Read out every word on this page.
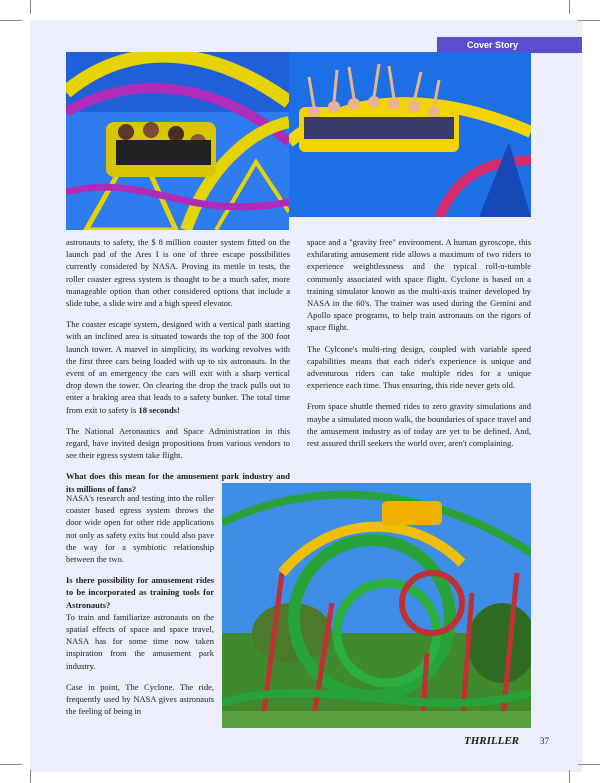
Cover Story

astronauts to safety, the $ 8 million coaster system fitted on the launch pad of the Ares I is one of three escape possibilities currently considered by NASA. Proving its mettle in tests, the roller coaster egress system is thought to be a much safer, more manageable option than other considered options that include a slide tube, a slide wire and a high speed elevator.

The coaster escape system, designed with a vertical path starting with an inclined area is situated towards the top of the 300 foot launch tower. A marvel in simplicity, its working revolves with the first three cars being loaded with up to six astronauts. In the event of an emergency the cars will exit with a sharp vertical drop down the tower. On clearing the drop the track pulls out to enter a braking area that leads to a safety bunker. The total time from exit to safety is 18 seconds!

The National Aeronautics and Space Administration in this regard, have invited design propositions from various vendors to see their egress system take flight.

What does this mean for the amusement park industry and its millions of fans?

NASA's research and testing into the roller coaster based egress system throws the door wide open for other ride applications not only as safety exits but could also pave the way for a symbiotic relationship between the two.

Is there possibility for amusement rides to be incorporated as training tools for Astronauts?

To train and familiarize astronauts on the spatial effects of space and space travel, NASA has for some time now taken inspiration from the amusement park industry.

Case in point, The Cyclone. The ride, frequently used by NASA gives astronauts the feeling of being in

space and a "gravity free" environment. A human gyroscope, this exhilarating amusement ride allows a maximum of two riders to experience weightlessness and the typical roll-n-tumble commonly associated with space flight. Cyclone is based on a training simulator known as the multi-axis trainer developed by NASA in the 60's. The trainer was used during the Gemini and Apollo space programs, to help train astronauts on the rigors of space flight.

The Cylcone's multi-ring design, coupled with variable speed capabilities means that each rider's experience is unique and adventurous riders can take multiple rides for a unique experience each time. Thus ensuring, this ride never gets old.

From space shuttle themed rides to zero gravity simulations and maybe a simulated moon walk, the boundaries of space travel and the amusement industry as of today are yet to be defined. And, rest assured thrill seekers the world over, aren't complaining.

THRILLER 37
